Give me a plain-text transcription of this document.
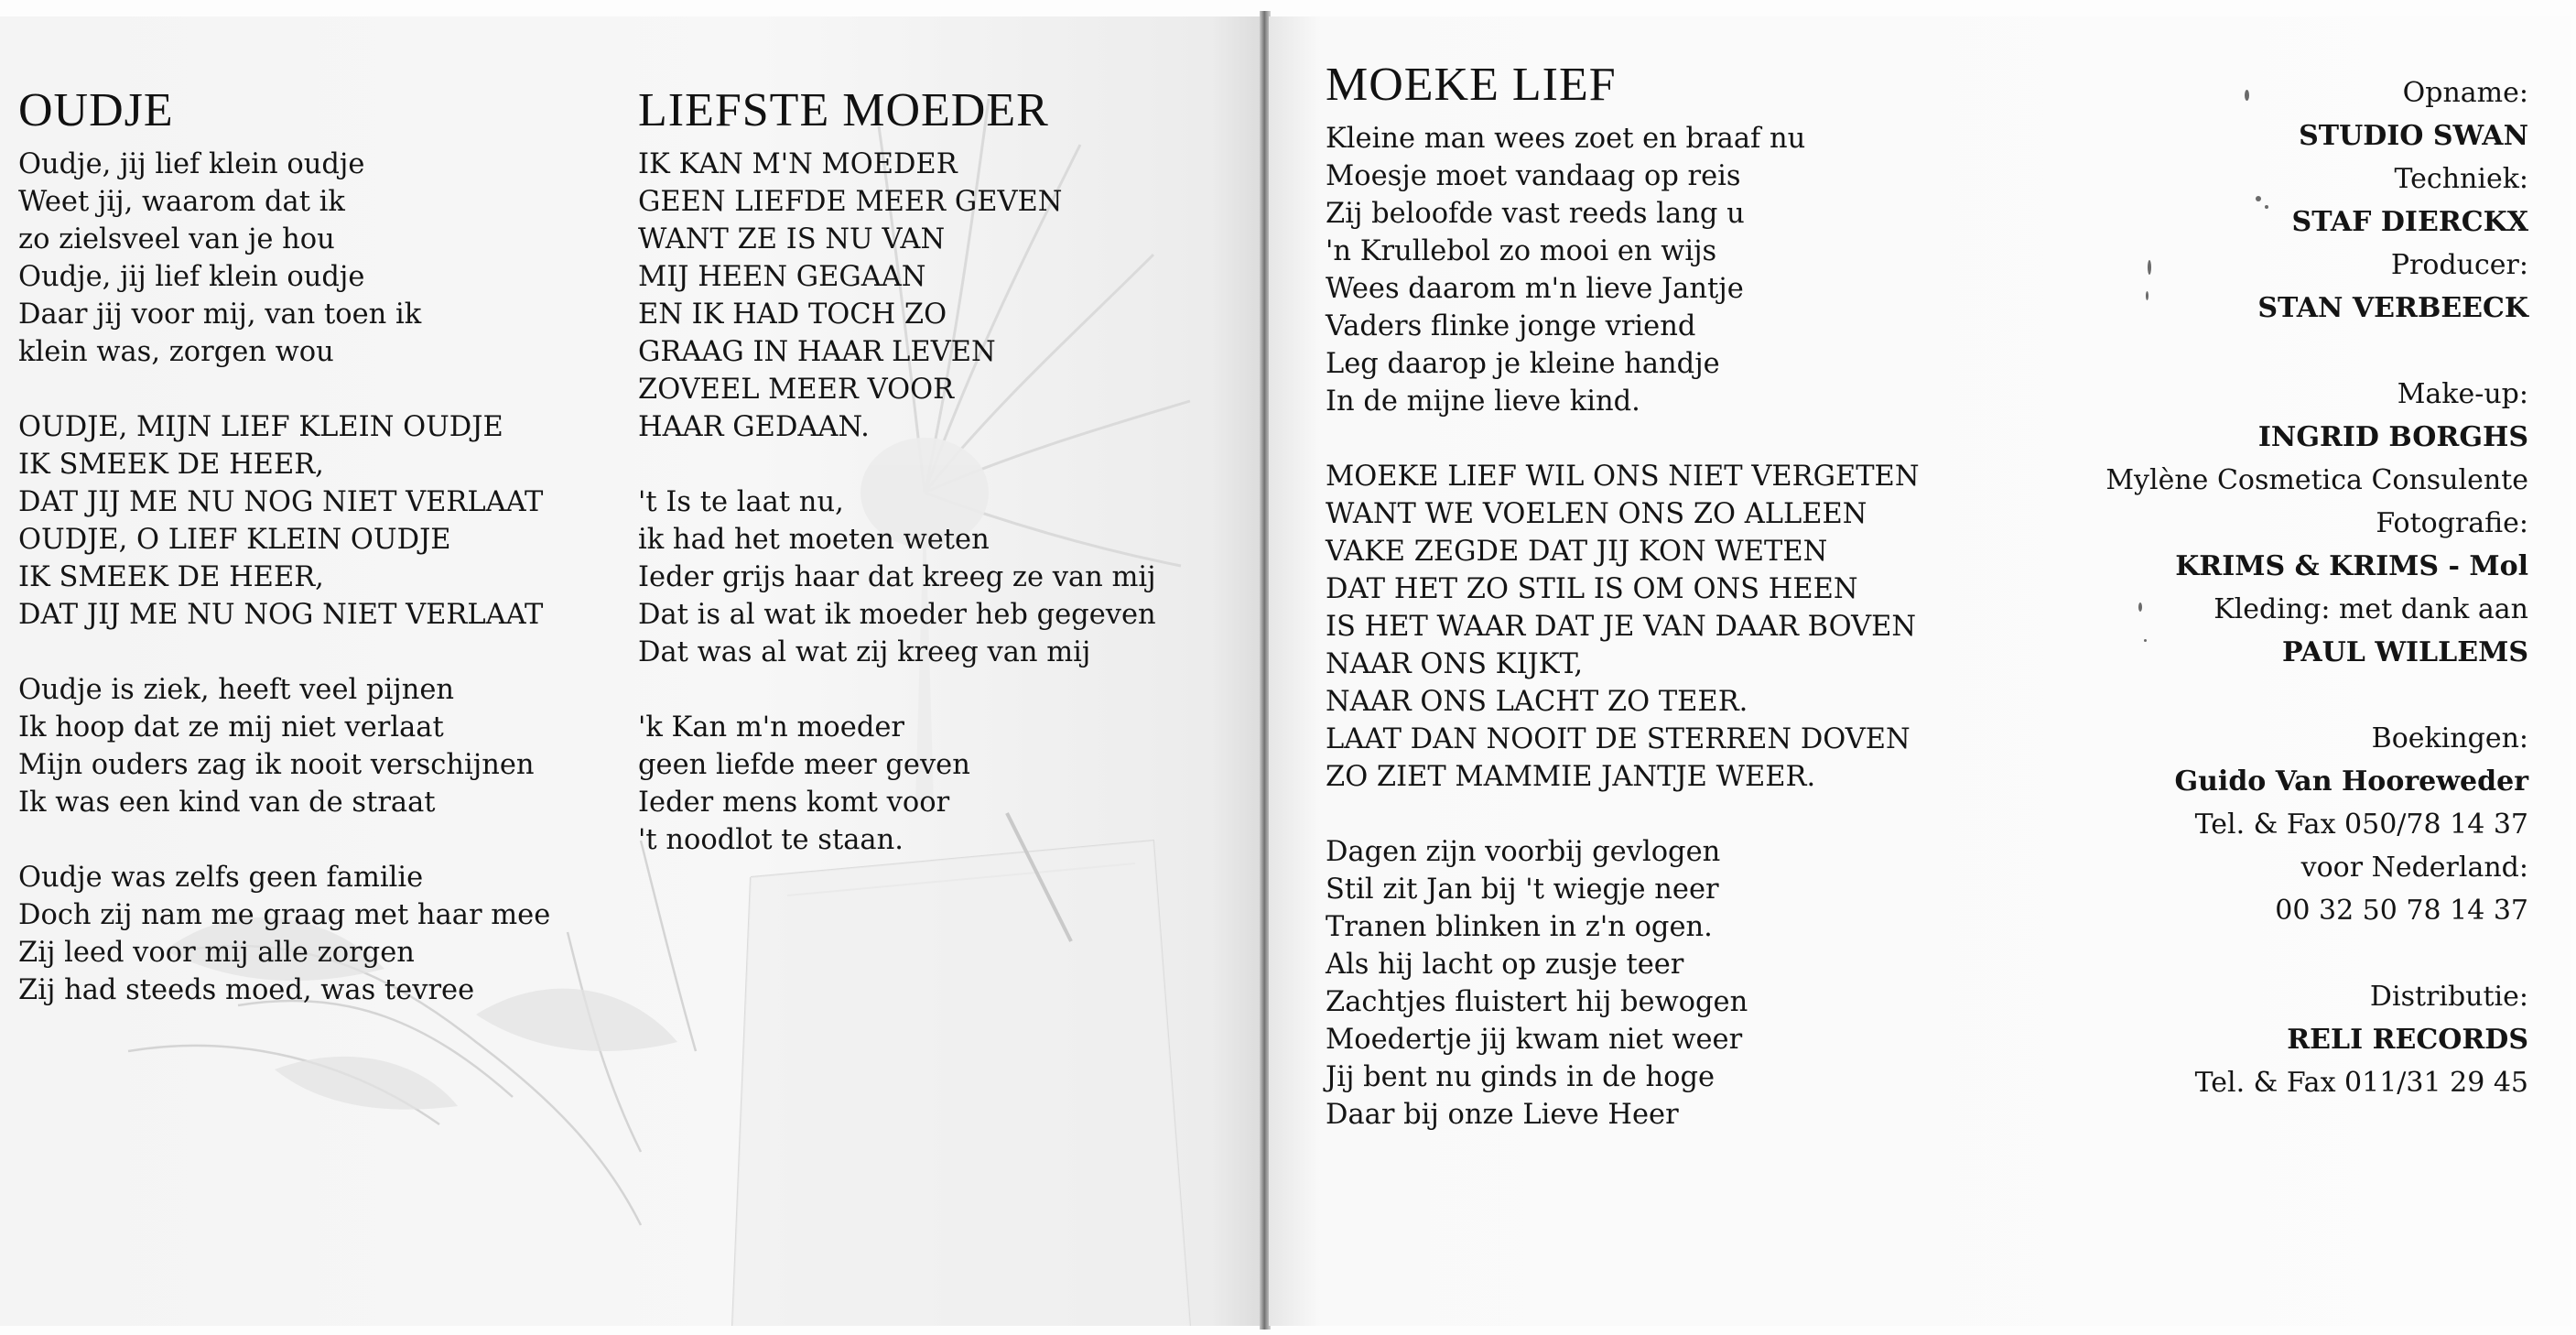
OUDJE
Oudje, jij lief klein oudje
Weet jij, waarom dat ik
zo zielsveel van je hou
Oudje, jij lief klein oudje
Daar jij voor mij, van toen ik
klein was, zorgen wou
OUDJE, MIJN LIEF KLEIN OUDJE
IK SMEEK DE HEER,
DAT JIJ ME NU NOG NIET VERLAAT
OUDJE, O LIEF KLEIN OUDJE
IK SMEEK DE HEER,
DAT JIJ ME NU NOG NIET VERLAAT
Oudje is ziek, heeft veel pijnen
Ik hoop dat ze mij niet verlaat
Mijn ouders zag ik nooit verschijnen
Ik was een kind van de straat
Oudje was zelfs geen familie
Doch zij nam me graag met haar mee
Zij leed voor mij alle zorgen
Zij had steeds moed, was tevree
LIEFSTE MOEDER
IK KAN M'N MOEDER
GEEN LIEFDE MEER GEVEN
WANT ZE IS NU VAN
MIJ HEEN GEGAAN
EN IK HAD TOCH ZO
GRAAG IN HAAR LEVEN
ZOVEEL MEER VOOR
HAAR GEDAAN.
't Is te laat nu,
ik had het moeten weten
Ieder grijs haar dat kreeg ze van mij
Dat is al wat ik moeder heb gegeven
Dat was al wat zij kreeg van mij
'k Kan m'n moeder
geen liefde meer geven
Ieder mens komt voor
't noodlot te staan.
MOEKE LIEF
Kleine man wees zoet en braaf nu
Moesje moet vandaag op reis
Zij beloofde vast reeds lang u
'n Krullebol zo mooi en wijs
Wees daarom m'n lieve Jantje
Vaders flinke jonge vriend
Leg daarop je kleine handje
In de mijne lieve kind.
MOEKE LIEF WIL ONS NIET VERGETEN
WANT WE VOELEN ONS ZO ALLEEN
VAKE ZEGDE DAT JIJ KON WETEN
DAT HET ZO STIL IS OM ONS HEEN
IS HET WAAR DAT JE VAN DAAR BOVEN
NAAR ONS KIJKT,
NAAR ONS LACHT ZO TEER.
LAAT DAN NOOIT DE STERREN DOVEN
ZO ZIET MAMMIE JANTJE WEER.
Dagen zijn voorbij gevlogen
Stil zit Jan bij 't wiegje neer
Tranen blinken in z'n ogen.
Als hij lacht op zusje teer
Zachtjes fluistert hij bewogen
Moedertje jij kwam niet weer
Jij bent nu ginds in de hoge
Daar bij onze Lieve Heer
Opname:
STUDIO SWAN
Techniek:
STAF DIERCKX
Producer:
STAN VERBEECK
Make-up:
INGRID BORGHS
Mylène Cosmetica Consulente
Fotografie:
KRIMS & KRIMS - Mol
Kleding: met dank aan
PAUL WILLEMS
Boekingen:
Guido Van Hooreweder
Tel. & Fax 050/78 14 37
voor Nederland:
00 32 50 78 14 37
Distributie:
RELI RECORDS
Tel. & Fax 011/31 29 45
